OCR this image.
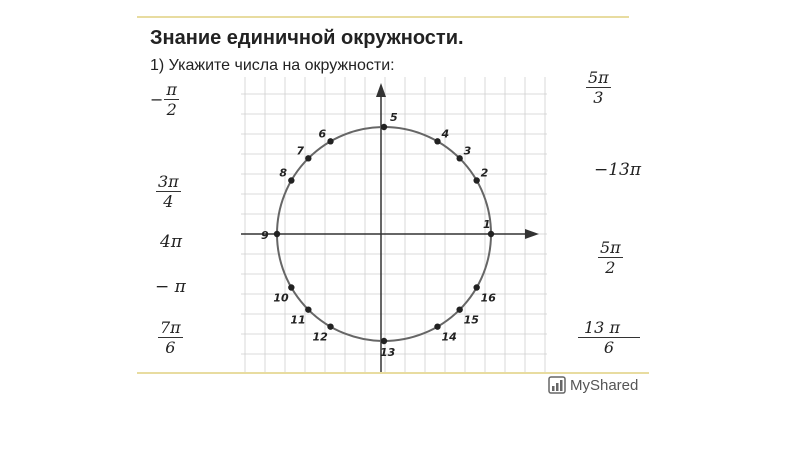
Знание единичной окружности.
1) Укажите числа на окружности:
1
2
3
4
5
6
7
8
9
10
11
12
13
14
15
16
MyShared
− $\frac{\pi}{2}$
$\frac{3\pi}{4}$
4π
− π
$\frac{7\pi}{6}$
$\frac{5\pi}{3}$
−13π
$\frac{5\pi}{2}$
$\frac{13 \pi}{6}$
